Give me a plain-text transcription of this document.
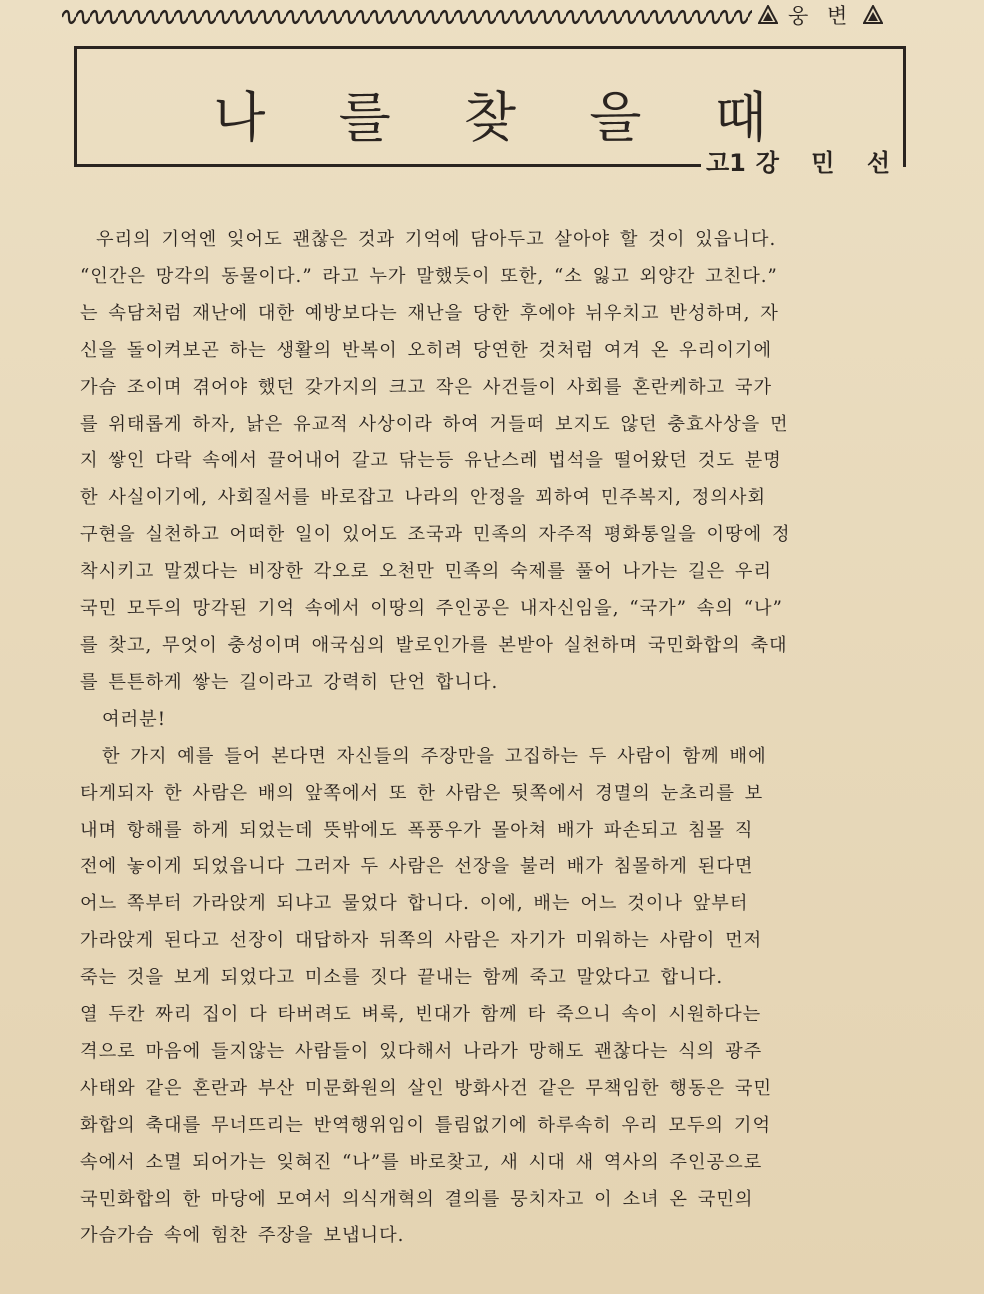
웅 변
나 를 찾 을 때
고1 강 민 선
우리의 기억엔 잊어도 괜찮은 것과 기억에 담아두고 살아야 할 것이 있읍니다.
“인간은 망각의 동물이다.” 라고 누가 말했듯이 또한, “소 잃고 외양간 고친다.”
는 속담처럼 재난에 대한 예방보다는 재난을 당한 후에야 뉘우치고 반성하며, 자
신을 돌이켜보곤 하는 생활의 반복이 오히려 당연한 것처럼 여겨 온 우리이기에
가슴 조이며 겪어야 했던 갖가지의 크고 작은 사건들이 사회를 혼란케하고 국가
를 위태롭게 하자, 낡은 유교적 사상이라 하여 거들떠 보지도 않던 충효사상을 먼
지 쌓인 다락 속에서 끌어내어 갈고 닦는등 유난스레 법석을 떨어왔던 것도 분명
한 사실이기에, 사회질서를 바로잡고 나라의 안정을 꾀하여 민주복지, 정의사회
구현을 실천하고 어떠한 일이 있어도 조국과 민족의 자주적 평화통일을 이땅에 정
착시키고 말겠다는 비장한 각오로 오천만 민족의 숙제를 풀어 나가는 길은 우리
국민 모두의 망각된 기억 속에서 이땅의 주인공은 내자신임을, “국가” 속의 “나”
를 찾고, 무엇이 충성이며 애국심의 발로인가를 본받아 실천하며 국민화합의 축대
를 튼튼하게 쌓는 길이라고 강력히 단언 합니다.
여러분!
한 가지 예를 들어 본다면 자신들의 주장만을 고집하는 두 사람이 함께 배에
타게되자 한 사람은 배의 앞쪽에서 또 한 사람은 뒷쪽에서 경멸의 눈초리를 보
내며 항해를 하게 되었는데 뜻밖에도 폭풍우가 몰아쳐 배가 파손되고 침몰 직
전에 놓이게 되었읍니다 그러자 두 사람은 선장을 불러 배가 침몰하게 된다면
어느 쪽부터 가라앉게 되냐고 물었다 합니다. 이에, 배는 어느 것이나 앞부터
가라앉게 된다고 선장이 대답하자 뒤쪽의 사람은 자기가 미워하는 사람이 먼저
죽는 것을 보게 되었다고 미소를 짓다 끝내는 함께 죽고 말았다고 합니다.
열 두칸 짜리 집이 다 타버려도 벼룩, 빈대가 함께 타 죽으니 속이 시원하다는
격으로 마음에 들지않는 사람들이 있다해서 나라가 망해도 괜찮다는 식의 광주
사태와 같은 혼란과 부산 미문화원의 살인 방화사건 같은 무책임한 행동은 국민
화합의 축대를 무너뜨리는 반역행위임이 틀림없기에 하루속히 우리 모두의 기억
속에서 소멸 되어가는 잊혀진 “나”를 바로찾고, 새 시대 새 역사의 주인공으로
국민화합의 한 마당에 모여서 의식개혁의 결의를 뭉치자고 이 소녀 온 국민의
가슴가슴 속에 힘찬 주장을 보냅니다.
